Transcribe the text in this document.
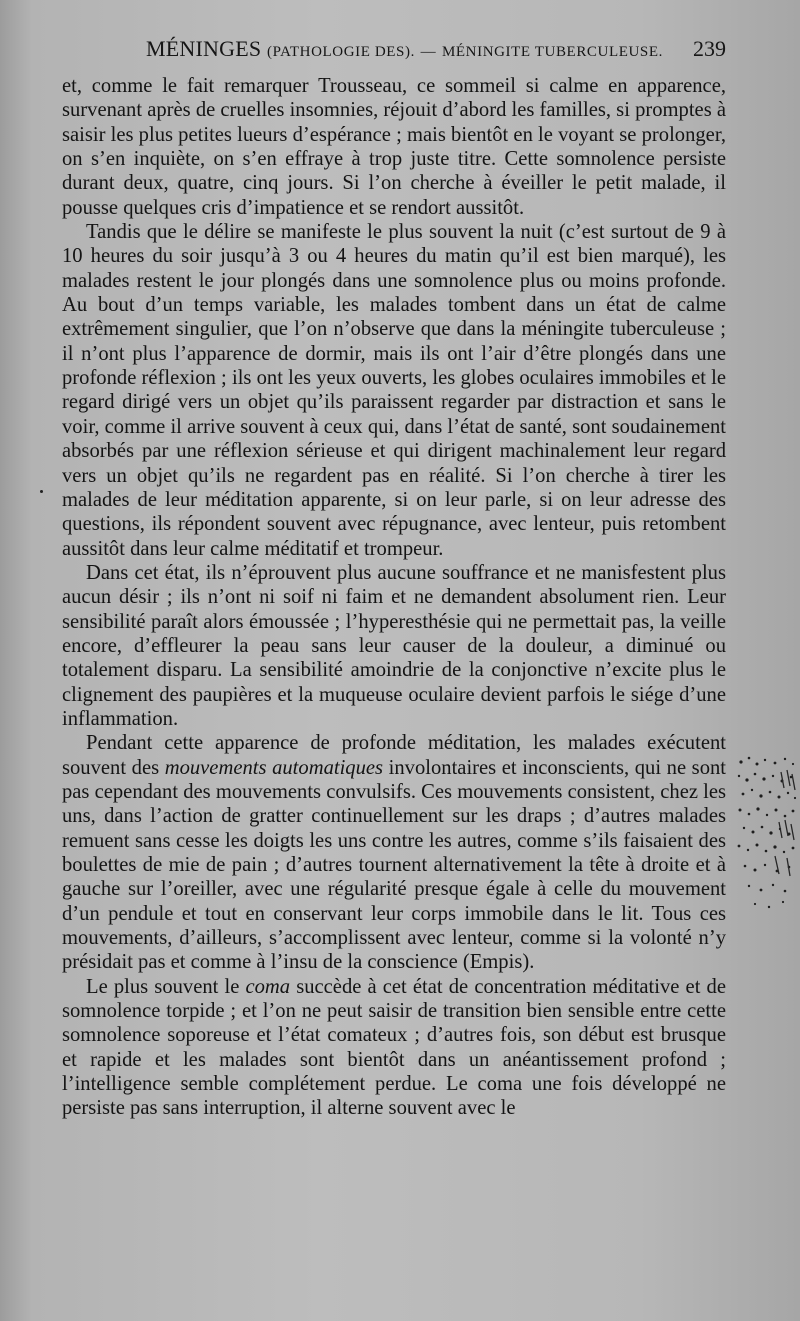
MÉNINGES (PATHOLOGIE DES). — MÉNINGITE TUBERCULEUSE. 239

et, comme le fait remarquer Trousseau, ce sommeil si calme en apparence, survenant après de cruelles insomnies, réjouit d’abord les familles, si promptes à saisir les plus petites lueurs d’espérance ; mais bientôt en le voyant se prolonger, on s’en inquiète, on s’en effraye à trop juste titre. Cette somnolence persiste durant deux, quatre, cinq jours. Si l’on cherche à éveiller le petit malade, il pousse quelques cris d’impatience et se rendort aussitôt.

Tandis que le délire se manifeste le plus souvent la nuit (c’est surtout de 9 à 10 heures du soir jusqu’à 3 ou 4 heures du matin qu’il est bien marqué), les malades restent le jour plongés dans une somnolence plus ou moins profonde. Au bout d’un temps variable, les malades tombent dans un état de calme extrêmement singulier, que l’on n’observe que dans la méningite tuberculeuse ; il n’ont plus l’apparence de dormir, mais ils ont l’air d’être plongés dans une profonde réflexion ; ils ont les yeux ouverts, les globes oculaires immobiles et le regard dirigé vers un objet qu’ils paraissent regarder par distraction et sans le voir, comme il arrive souvent à ceux qui, dans l’état de santé, sont soudainement absorbés par une réflexion sérieuse et qui dirigent machinalement leur regard vers un objet qu’ils ne regardent pas en réalité. Si l’on cherche à tirer les malades de leur méditation apparente, si on leur parle, si on leur adresse des questions, ils répondent souvent avec répugnance, avec lenteur, puis retombent aussitôt dans leur calme méditatif et trompeur.

Dans cet état, ils n’éprouvent plus aucune souffrance et ne manisfestent plus aucun désir ; ils n’ont ni soif ni faim et ne demandent absolument rien. Leur sensibilité paraît alors émoussée ; l’hyperesthésie qui ne permettait pas, la veille encore, d’effleurer la peau sans leur causer de la douleur, a diminué ou totalement disparu. La sensibilité amoindrie de la conjonctive n’excite plus le clignement des paupières et la muqueuse oculaire devient parfois le siége d’une inflammation.

Pendant cette apparence de profonde méditation, les malades exécutent souvent des mouvements automatiques involontaires et inconscients, qui ne sont pas cependant des mouvements convulsifs. Ces mouvements consistent, chez les uns, dans l’action de gratter continuellement sur les draps ; d’autres malades remuent sans cesse les doigts les uns contre les autres, comme s’ils faisaient des boulettes de mie de pain ; d’autres tournent alternativement la tête à droite et à gauche sur l’oreiller, avec une régularité presque égale à celle du mouvement d’un pendule et tout en conservant leur corps immobile dans le lit. Tous ces mouvements, d’ailleurs, s’accomplissent avec lenteur, comme si la volonté n’y présidait pas et comme à l’insu de la conscience (Empis).

Le plus souvent le coma succède à cet état de concentration méditative et de somnolence torpide ; et l’on ne peut saisir de transition bien sensible entre cette somnolence soporeuse et l’état comateux ; d’autres fois, son début est brusque et rapide et les malades sont bientôt dans un anéantissement profond ; l’intelligence semble complétement perdue. Le coma une fois développé ne persiste pas sans interruption, il alterne souvent avec le
